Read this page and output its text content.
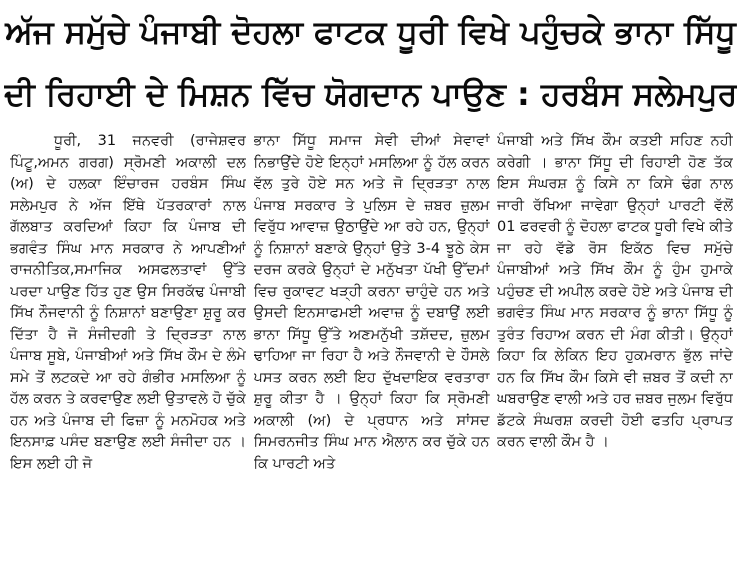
ਅੱਜ ਸਮੁੱਚੇ ਪੰਜਾਬੀ ਦੋਹਲਾ ਫਾਟਕ ਧੂਰੀ ਵਿਖੇ ਪਹੁੰਚਕੇ ਭਾਨਾ ਸਿੱਧੂ
ਦੀ ਰਿਹਾਈ ਦੇ ਮਿਸ਼ਨ ਵਿੱਚ ਯੋਗਦਾਨ ਪਾਉਣ : ਹਰਬੰਸ ਸਲੇਮਪੁਰ

ਧੂਰੀ, 31 ਜਨਵਰੀ (ਰਾਜੇਸ਼ਵਰ ਪਿੰਟੂ,ਅਮਨ ਗਰਗ) ਸ੍ਰੋਮਣੀ ਅਕਾਲੀ ਦਲ (ਅ) ਦੇ ਹਲਕਾ ਇੰਚਾਰਜ ਹਰਬੰਸ ਸਿੰਘ ਸਲੇਮਪੁਰ ਨੇ ਅੱਜ ਇੱਥੇ ਪੱਤਰਕਾਰਾਂ ਨਾਲ ਗੱਲਬਾਤ ਕਰਦਿਆਂ ਕਿਹਾ ਕਿ ਪੰਜਾਬ ਦੀ ਭਗਵੰਤ ਸਿੰਘ ਮਾਨ ਸਰਕਾਰ ਨੇ ਆਪਣੀਆਂ ਰਾਜਨੀਤਿਕ,ਸਮਾਜਿਕ ਅਸਫਲਤਾਵਾਂ ਉੱਤੇ ਪਰਦਾ ਪਾਉਣ ਹਿੱਤ ਹੁਣ ਉਸ ਸਿਰਕੱਢ ਪੰਜਾਬੀ ਸਿੱਖ ਨੌਜਵਾਨੀ ਨੂੰ ਨਿਸ਼ਾਨਾਂ ਬਣਾਉਣਾ ਸ਼ੁਰੂ ਕਰ ਦਿੱਤਾ ਹੈ ਜੋ ਸੰਜੀਦਗੀ ਤੇ ਦ੍ਰਿੜਤਾ ਨਾਲ ਪੰਜਾਬ ਸੂਬੇ, ਪੰਜਾਬੀਆਂ ਅਤੇ ਸਿੱਖ ਕੌਮ ਦੇ ਲੰਮੇ ਸਮੇ ਤੋਂ ਲਟਕਦੇ ਆ ਰਹੇ ਗੰਭੀਰ ਮਸਲਿਆ ਨੂੰ ਹੱਲ ਕਰਨ ਤੇ ਕਰਵਾਉਣ ਲਈ ਉਤਾਵਲੇ ਹੋ ਚੁੱਕੇ ਹਨ ਅਤੇ ਪੰਜਾਬ ਦੀ ਫਿਜ਼ਾ ਨੂੰ ਮਨਮੋਹਕ ਅਤੇ ਇਨਸਾਫ਼ ਪਸੰਦ ਬਣਾਉਣ ਲਈ ਸੰਜੀਦਾ ਹਨ । ਇਸ ਲਈ ਹੀ ਜੋ

ਭਾਨਾ ਸਿੱਧੂ ਸਮਾਜ ਸੇਵੀ ਦੀਆਂ ਸੇਵਾਵਾਂ ਨਿਭਾਉਂਦੇ ਹੋਏ ਇਨ੍ਹਾਂ ਮਸਲਿਆ ਨੂੰ ਹੱਲ ਕਰਨ ਵੱਲ ਤੁਰੇ ਹੋਏ ਸਨ ਅਤੇ ਜੋ ਦ੍ਰਿੜਤਾ ਨਾਲ ਪੰਜਾਬ ਸਰਕਾਰ ਤੇ ਪੁਲਿਸ ਦੇ ਜ਼ਬਰ ਜ਼ੁਲਮ ਵਿਰੁੱਧ ਆਵਾਜ਼ ਉਠਾਉਂਦੇ ਆ ਰਹੇ ਹਨ, ਉਨ੍ਹਾਂ ਨੂੰ ਨਿਸ਼ਾਨਾਂ ਬਣਾਕੇ ਉਨ੍ਹਾਂ ਉਤੇ 3-4 ਝੂਠੇ ਕੇਸ ਦਰਜ ਕਰਕੇ ਉਨ੍ਹਾਂ ਦੇ ਮਨੁੱਖਤਾ ਪੱਖੀ ਉੱਦਮਾਂ ਵਿਚ ਰੁਕਾਵਟ ਖੜ੍ਹੀ ਕਰਨਾ ਚਾਹੁੰਦੇ ਹਨ ਅਤੇ ਉਸਦੀ ਇਨਸਾਫਮਈ ਅਵਾਜ਼ ਨੂੰ ਦਬਾਉਂ ਲਈ ਭਾਨਾ ਸਿੱਧੂ ਉੱਤੇ ਅਣਮਨੁੱਖੀ ਤਸ਼ੱਦਦ, ਜ਼ੁਲਮ ਢਾਹਿਆ ਜਾ ਰਿਹਾ ਹੈ ਅਤੇ ਨੌਜਵਾਨੀ ਦੇ ਹੌਸਲੇ ਪਸਤ ਕਰਨ ਲਈ ਇਹ ਦੁੱਖਦਾਇਕ ਵਰਤਾਰਾ ਸ਼ੁਰੂ ਕੀਤਾ ਹੈ । ਉਨ੍ਹਾਂ ਕਿਹਾ ਕਿ ਸ੍ਰੋਮਣੀ ਅਕਾਲੀ (ਅ) ਦੇ ਪ੍ਰਧਾਨ ਅਤੇ ਸਾਂਸਦ ਸਿਮਰਨਜੀਤ ਸਿੰਘ ਮਾਨ ਐਲਾਨ ਕਰ ਚੁੱਕੇ ਹਨ ਕਿ ਪਾਰਟੀ ਅਤੇ

ਪੰਜਾਬੀ ਅਤੇ ਸਿੱਖ ਕੌਮ ਕਤਈ ਸਹਿਣ ਨਹੀ ਕਰੇਗੀ । ਭਾਨਾ ਸਿੱਧੂ ਦੀ ਰਿਹਾਈ ਹੋਣ ਤੱਕ ਇਸ ਸੰਘਰਸ਼ ਨੂੰ ਕਿਸੇ ਨਾ ਕਿਸੇ ਢੰਗ ਨਾਲ ਜਾਰੀ ਰੱਖਿਆ ਜਾਵੇਗਾ ਉਨ੍ਹਾਂ ਪਾਰਟੀ ਵੱਲੋਂ 01 ਫਰਵਰੀ ਨੂੰ ਦੋਹਲਾ ਫਾਟਕ ਧੂਰੀ ਵਿਖੇ ਕੀਤੇ ਜਾ ਰਹੇ ਵੱਡੇ ਰੋਸ ਇਕੱਠ ਵਿਚ ਸਮੁੱਚੇ ਪੰਜਾਬੀਆਂ ਅਤੇ ਸਿੱਖ ਕੌਮ ਨੂੰ ਹੁੰਮ ਹੁਮਾਕੇ ਪਹੁੰਚਣ ਦੀ ਅਪੀਲ ਕਰਦੇ ਹੋਏ ਅਤੇ ਪੰਜਾਬ ਦੀ ਭਗਵੰਤ ਸਿੰਘ ਮਾਨ ਸਰਕਾਰ ਨੂੰ ਭਾਨਾ ਸਿੱਧੂ ਨੂੰ ਤੁਰੰਤ ਰਿਹਾਅ ਕਰਨ ਦੀ ਮੰਗ ਕੀਤੀ। ਉਨ੍ਹਾਂ ਕਿਹਾ ਕਿ ਲੇਕਿਨ ਇਹ ਹੁਕਮਰਾਨ ਭੁੱਲ ਜਾਂਦੇ ਹਨ ਕਿ ਸਿੱਖ ਕੌਮ ਕਿਸੇ ਵੀ ਜ਼ਬਰ ਤੋਂ ਕਦੀ ਨਾ ਘਬਰਾਉਣ ਵਾਲੀ ਅਤੇ ਹਰ ਜ਼ਬਰ ਜੁਲਮ ਵਿਰੁੱਧ ਡੱਟਕੇ ਸੰਘਰਸ਼ ਕਰਦੀ ਹੋਈ ਫਤਹਿ ਪ੍ਰਾਪਤ ਕਰਨ ਵਾਲੀ ਕੌਮ ਹੈ ।
